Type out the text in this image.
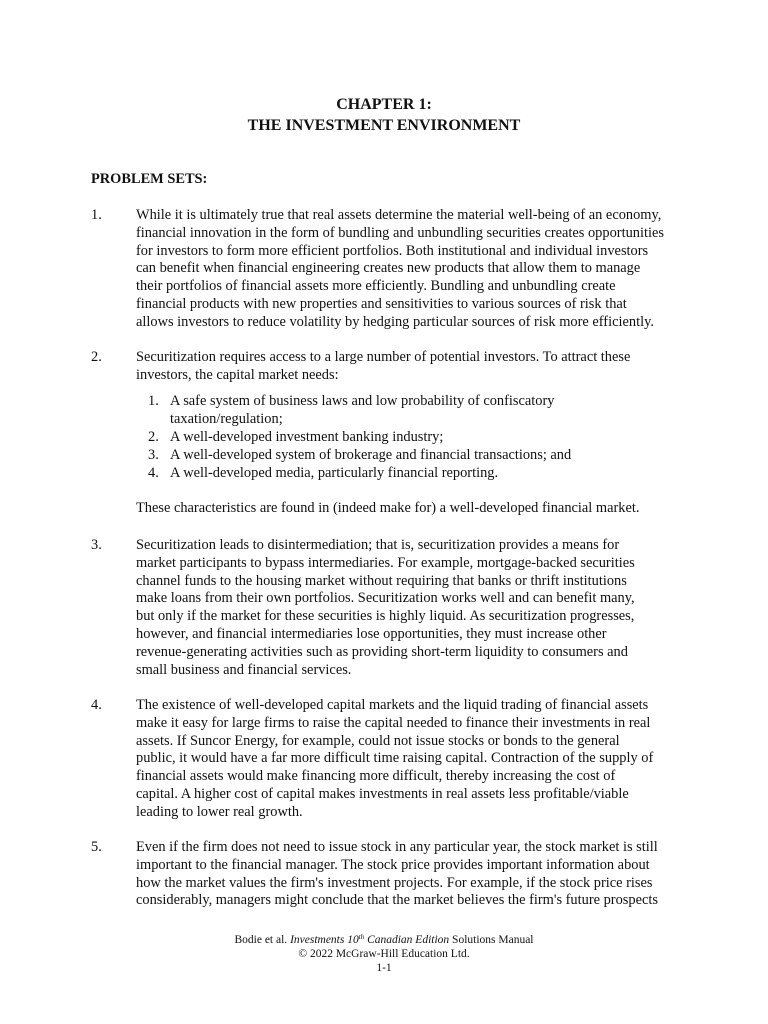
CHAPTER 1:
THE INVESTMENT ENVIRONMENT
PROBLEM SETS:
1. While it is ultimately true that real assets determine the material well-being of an economy,
financial innovation in the form of bundling and unbundling securities creates opportunities
for investors to form more efficient portfolios. Both institutional and individual investors
can benefit when financial engineering creates new products that allow them to manage
their portfolios of financial assets more efficiently. Bundling and unbundling create
financial products with new properties and sensitivities to various sources of risk that
allows investors to reduce volatility by hedging particular sources of risk more efficiently.
2. Securitization requires access to a large number of potential investors. To attract these
investors, the capital market needs:
1. A safe system of business laws and low probability of confiscatory
taxation/regulation;
2. A well-developed investment banking industry;
3. A well-developed system of brokerage and financial transactions; and
4. A well-developed media, particularly financial reporting.
These characteristics are found in (indeed make for) a well-developed financial market.
3. Securitization leads to disintermediation; that is, securitization provides a means for
market participants to bypass intermediaries. For example, mortgage-backed securities
channel funds to the housing market without requiring that banks or thrift institutions
make loans from their own portfolios. Securitization works well and can benefit many,
but only if the market for these securities is highly liquid. As securitization progresses,
however, and financial intermediaries lose opportunities, they must increase other
revenue-generating activities such as providing short-term liquidity to consumers and
small business and financial services.
4. The existence of well-developed capital markets and the liquid trading of financial assets
make it easy for large firms to raise the capital needed to finance their investments in real
assets. If Suncor Energy, for example, could not issue stocks or bonds to the general
public, it would have a far more difficult time raising capital. Contraction of the supply of
financial assets would make financing more difficult, thereby increasing the cost of
capital. A higher cost of capital makes investments in real assets less profitable/viable
leading to lower real growth.
5. Even if the firm does not need to issue stock in any particular year, the stock market is still
important to the financial manager. The stock price provides important information about
how the market values the firm's investment projects. For example, if the stock price rises
considerably, managers might conclude that the market believes the firm's future prospects
Bodie et al. Investments 10th Canadian Edition Solutions Manual
© 2022 McGraw-Hill Education Ltd.
1-1
